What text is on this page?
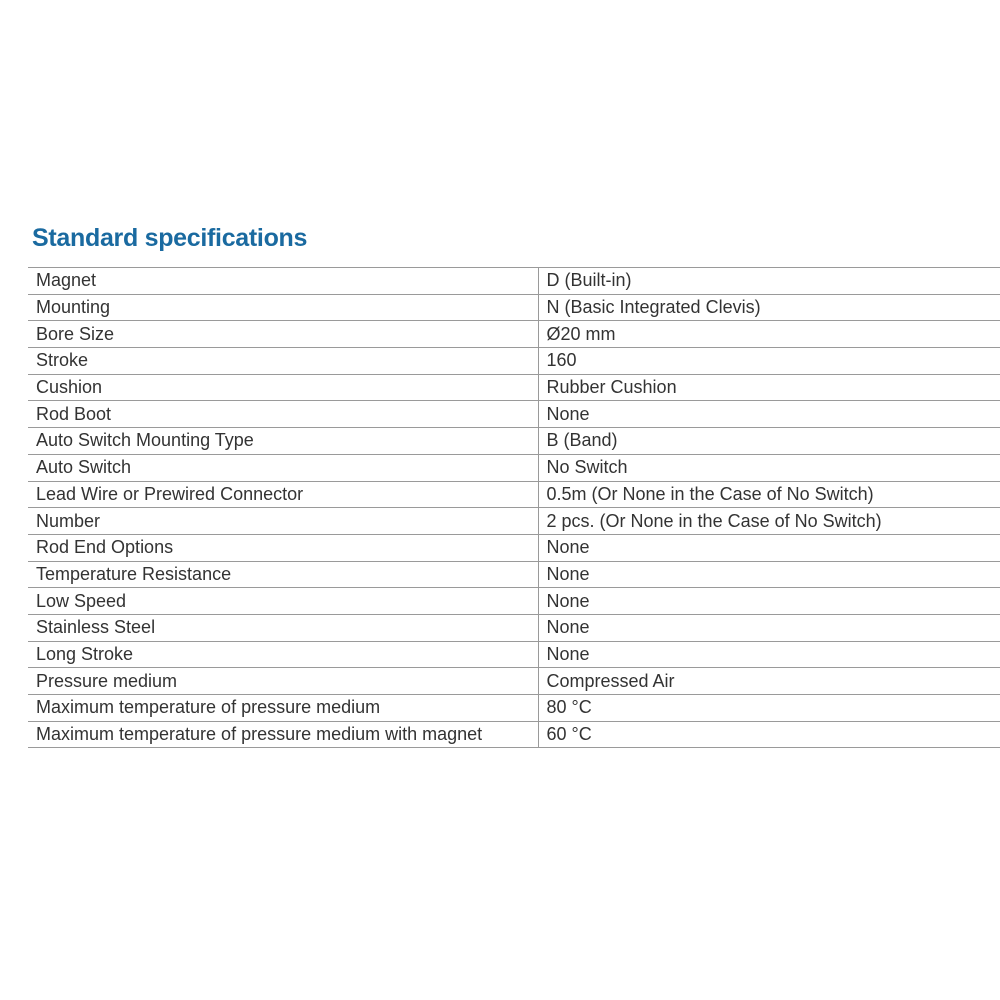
Standard specifications
Magnet	D (Built-in)
Mounting	N (Basic Integrated Clevis)
Bore Size	Ø20 mm
Stroke	160
Cushion	Rubber Cushion
Rod Boot	None
Auto Switch Mounting Type	B (Band)
Auto Switch	No Switch
Lead Wire or Prewired Connector	0.5m (Or None in the Case of No Switch)
Number	2 pcs. (Or None in the Case of No Switch)
Rod End Options	None
Temperature Resistance	None
Low Speed	None
Stainless Steel	None
Long Stroke	None
Pressure medium	Compressed Air
Maximum temperature of pressure medium	80 °C
Maximum temperature of pressure medium with magnet	60 °C
